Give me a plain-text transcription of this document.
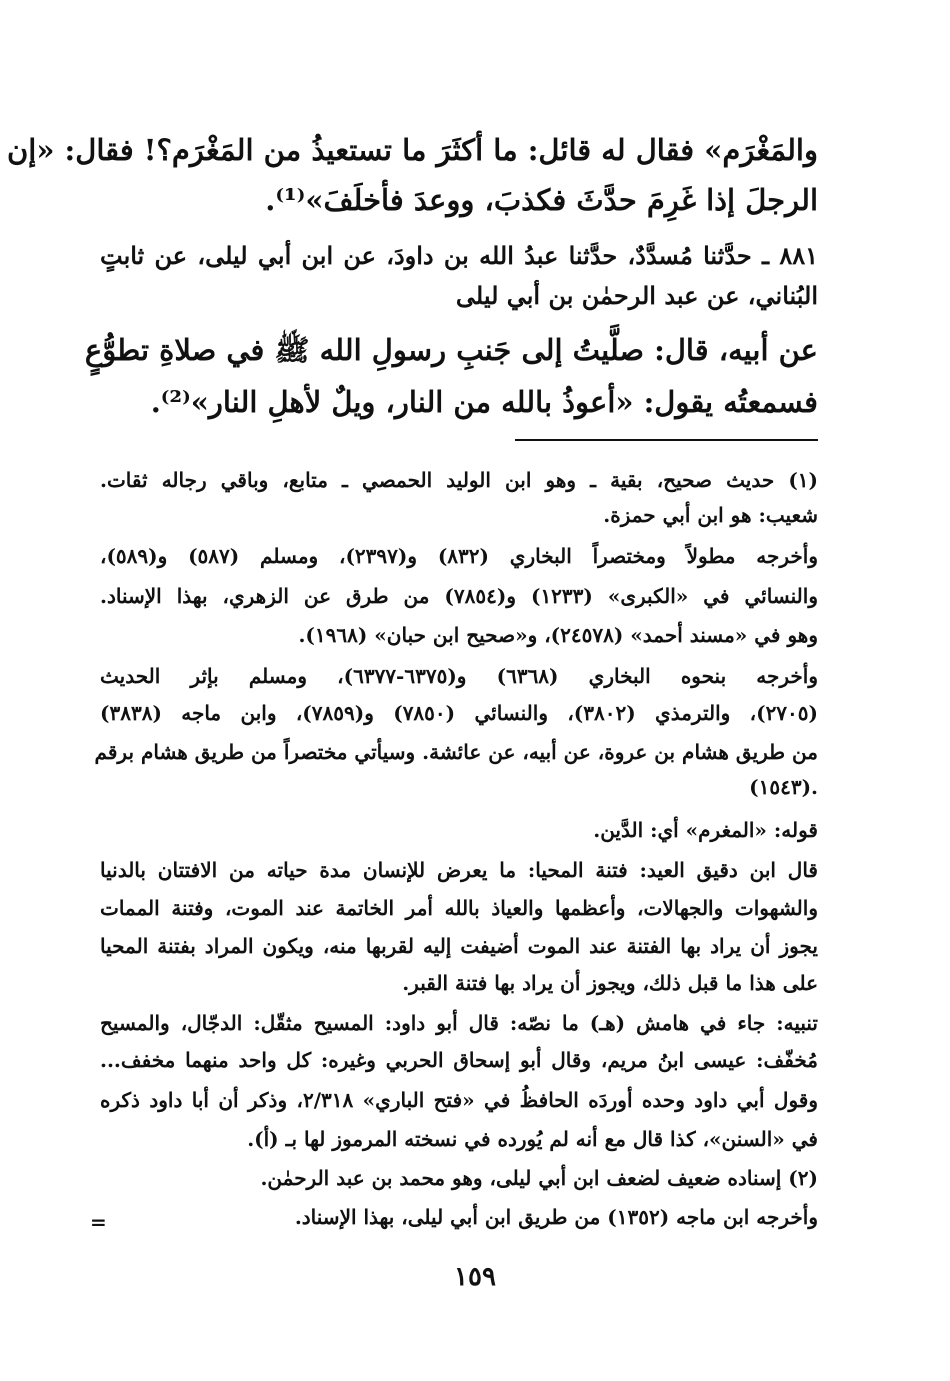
والمَغْرَم» فقال له قائل: ما أكثَرَ ما تستعيذُ من المَغْرَم؟! فقال: «إن
الرجلَ إذا غَرِمَ حدَّثَ فكذبَ، ووعدَ فأخلَفَ»⁽¹⁾.
٨٨١ ـ حدَّثنا مُسدَّدٌ، حدَّثنا عبدُ الله بن داودَ، عن ابن أبي ليلى، عن ثابتٍ
البُناني، عن عبد الرحمٰن بن أبي ليلى
عن أبيه، قال: صلَّيتُ إلى جَنبِ رسولِ الله ﷺ في صلاةِ تطوُّعٍ
فسمعتُه يقول: «أعوذُ بالله من النار، ويلٌ لأهلِ النار»⁽²⁾.
(١) حديث صحيح، بقية ـ وهو ابن الوليد الحمصي ـ متابع، وباقي رجاله ثقات.
شعيب: هو ابن أبي حمزة.
وأخرجه مطولاً ومختصراً البخاري (٨٣٢) و(٢٣٩٧)، ومسلم (٥٨٧) و(٥٨٩)،
والنسائي في «الكبرى» (١٢٣٣) و(٧٨٥٤) من طرق عن الزهري، بهذا الإسناد.
وهو في «مسند أحمد» (٢٤٥٧٨)، و«صحيح ابن حبان» (١٩٦٨).
وأخرجه بنحوه البخاري (٦٣٦٨) و(٦٣٧٥-٦٣٧٧)، ومسلم بإثر الحديث
(٢٧٠٥)، والترمذي (٣٨٠٢)، والنسائي (٧٨٥٠) و(٧٨٥٩)، وابن ماجه (٣٨٣٨)
من طريق هشام بن عروة، عن أبيه، عن عائشة. وسيأتي مختصراً من طريق هشام برقم
(١٥٤٣).
قوله: «المغرم» أي: الدَّين.
قال ابن دقيق العيد: فتنة المحيا: ما يعرض للإنسان مدة حياته من الافتتان بالدنيا
والشهوات والجهالات، وأعظمها والعياذ بالله أمر الخاتمة عند الموت، وفتنة الممات
يجوز أن يراد بها الفتنة عند الموت أضيفت إليه لقربها منه، ويكون المراد بفتنة المحيا
على هذا ما قبل ذلك، ويجوز أن يراد بها فتنة القبر.
تنبيه: جاء في هامش (هـ) ما نصّه: قال أبو داود: المسيح مثقّل: الدجّال، والمسيح
مُخفّف: عيسى ابنُ مريم، وقال أبو إسحاق الحربي وغيره: كل واحد منهما مخفف...
وقول أبي داود وحده أوردَه الحافظُ في «فتح الباري» ٢/٣١٨، وذكر أن أبا داود ذكره
في «السنن»، كذا قال مع أنه لم يُورده في نسخته المرموز لها بـ (أ).
(٢) إسناده ضعيف لضعف ابن أبي ليلى، وهو محمد بن عبد الرحمٰن.
وأخرجه ابن ماجه (١٣٥٢) من طريق ابن أبي ليلى، بهذا الإسناد.
=
١٥٩
